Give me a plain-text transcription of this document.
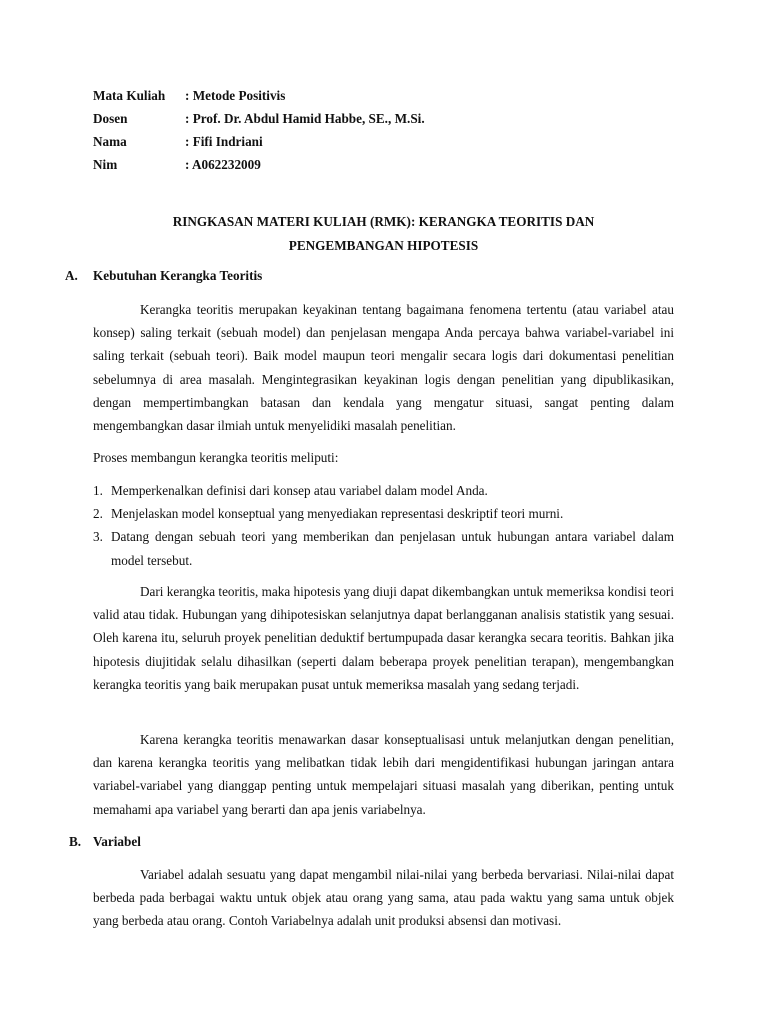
Mata Kuliah	: Metode Positivis
Dosen	: Prof. Dr. Abdul Hamid Habbe, SE., M.Si.
Nama	: Fifi Indriani
Nim	: A062232009
RINGKASAN MATERI KULIAH (RMK): KERANGKA TEORITIS DAN
PENGEMBANGAN HIPOTESIS
A. Kebutuhan Kerangka Teoritis

Kerangka teoritis merupakan keyakinan tentang bagaimana fenomena tertentu (atau variabel atau konsep) saling terkait (sebuah model) dan penjelasan mengapa Anda percaya bahwa variabel-variabel ini saling terkait (sebuah teori). Baik model maupun teori mengalir secara logis dari dokumentasi penelitian sebelumnya di area masalah. Mengintegrasikan keyakinan logis dengan penelitian yang dipublikasikan, dengan mempertimbangkan batasan dan kendala yang mengatur situasi, sangat penting dalam mengembangkan dasar ilmiah untuk menyelidiki masalah penelitian.

Proses membangun kerangka teoritis meliputi:

1. Memperkenalkan definisi dari konsep atau variabel dalam model Anda.
2. Menjelaskan model konseptual yang menyediakan representasi deskriptif teori murni.
3. Datang dengan sebuah teori yang memberikan dan penjelasan untuk hubungan antara variabel dalam model tersebut.

Dari kerangka teoritis, maka hipotesis yang diuji dapat dikembangkan untuk memeriksa kondisi teori valid atau tidak. Hubungan yang dihipotesiskan selanjutnya dapat berlangganan analisis statistik yang sesuai. Oleh karena itu, seluruh proyek penelitian deduktif bertumpupada dasar kerangka secara teoritis. Bahkan jika hipotesis diujitidak selalu dihasilkan (seperti dalam beberapa proyek penelitian terapan), mengembangkan kerangka teoritis yang baik merupakan pusat untuk memeriksa masalah yang sedang terjadi.

Karena kerangka teoritis menawarkan dasar konseptualisasi untuk melanjutkan dengan penelitian, dan karena kerangka teoritis yang melibatkan tidak lebih dari mengidentifikasi hubungan jaringan antara variabel-variabel yang dianggap penting untuk mempelajari situasi masalah yang diberikan, penting untuk memahami apa variabel yang berarti dan apa jenis variabelnya.

B. Variabel

Variabel adalah sesuatu yang dapat mengambil nilai-nilai yang berbeda bervariasi. Nilai-nilai dapat berbeda pada berbagai waktu untuk objek atau orang yang sama, atau pada waktu yang sama untuk objek yang berbeda atau orang. Contoh Variabelnya adalah unit produksi absensi dan motivasi.
